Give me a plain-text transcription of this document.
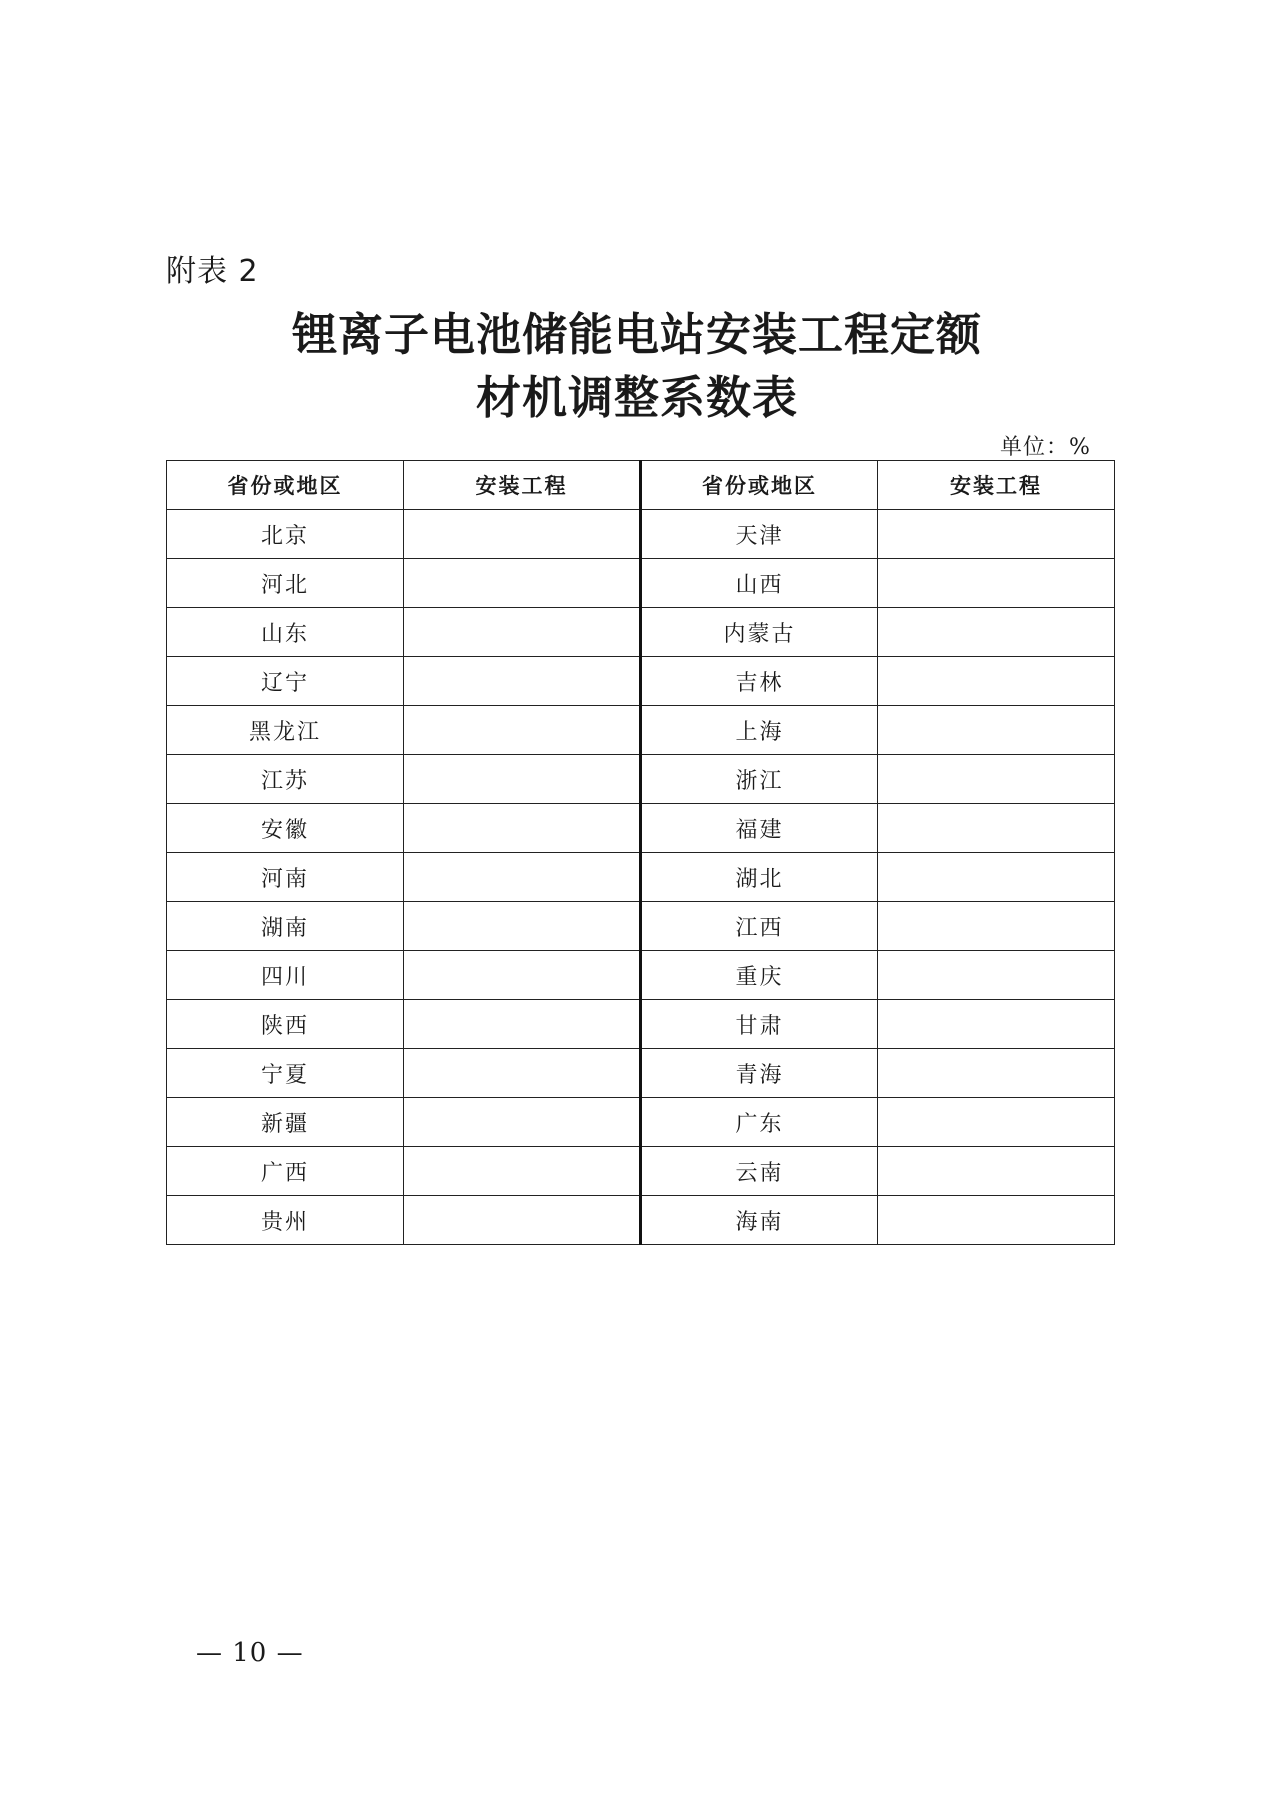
附表 2
锂离子电池储能电站安装工程定额
材机调整系数表
单位：%
省份或地区	安装工程	省份或地区	安装工程
北京		天津	
河北		山西	
山东		内蒙古	
辽宁		吉林	
黑龙江		上海	
江苏		浙江	
安徽		福建	
河南		湖北	
湖南		江西	
四川		重庆	
陕西		甘肃	
宁夏		青海	
新疆		广东	
广西		云南	
贵州		海南	
— 10 —
